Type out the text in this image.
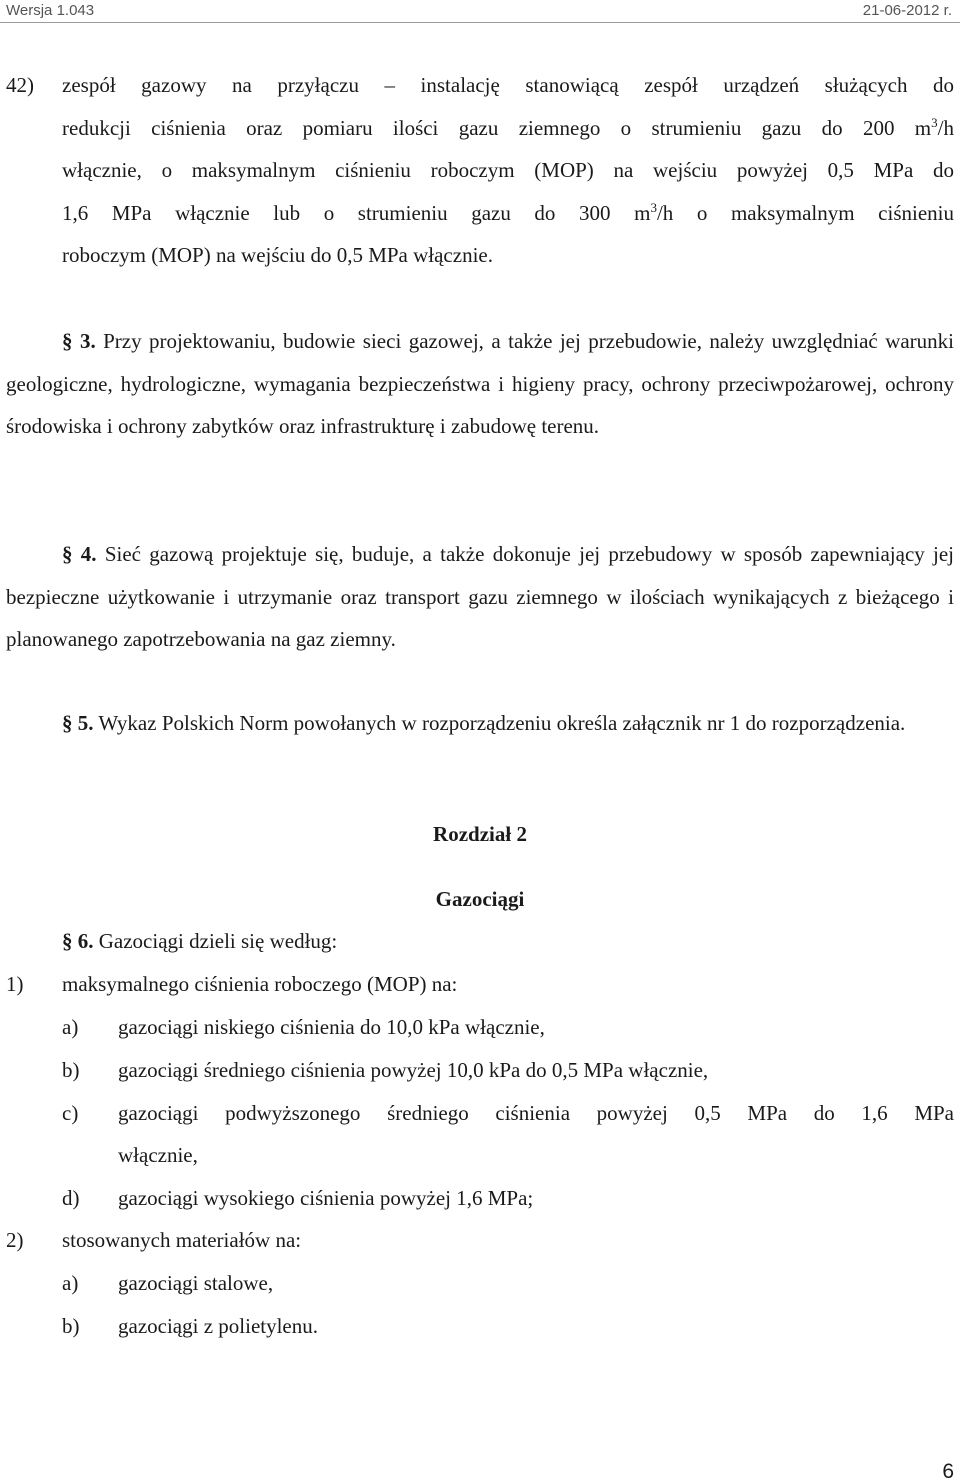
Wersja 1.043	21-06-2012 r.
42) zespół gazowy na przyłączu – instalację stanowiącą zespół urządzeń służących do
redukcji ciśnienia oraz pomiaru ilości gazu ziemnego o strumieniu gazu do 200 $m^3/h$
włącznie, o maksymalnym ciśnieniu roboczym (MOP) na wejściu powyżej 0,5 MPa do
1,6 MPa włącznie lub o strumieniu gazu do 300 $m^3/h$ o maksymalnym ciśnieniu
roboczym (MOP) na wejściu do 0,5 MPa włącznie.
§ 3. Przy projektowaniu, budowie sieci gazowej, a także jej przebudowie, należy uwzględniać warunki geologiczne, hydrologiczne, wymagania bezpieczeństwa i higieny pracy, ochrony przeciwpożarowej, ochrony środowiska i ochrony zabytków oraz infrastrukturę i zabudowę terenu.
§ 4. Sieć gazową projektuje się, buduje, a także dokonuje jej przebudowy w sposób zapewniający jej bezpieczne użytkowanie i utrzymanie oraz transport gazu ziemnego w ilościach wynikających z bieżącego i planowanego zapotrzebowania na gaz ziemny.
§ 5. Wykaz Polskich Norm powołanych w rozporządzeniu określa załącznik nr 1 do rozporządzenia.
Rozdział 2
Gazociągi
§ 6. Gazociągi dzieli się według:
1) maksymalnego ciśnienia roboczego (MOP) na:
a) gazociągi niskiego ciśnienia do 10,0 kPa włącznie,
b) gazociągi średniego ciśnienia powyżej 10,0 kPa do 0,5 MPa włącznie,
c) gazociągi podwyższonego średniego ciśnienia powyżej 0,5 MPa do 1,6 MPa
włącznie,
d) gazociągi wysokiego ciśnienia powyżej 1,6 MPa;
2) stosowanych materiałów na:
a) gazociągi stalowe,
b) gazociągi z polietylenu.
6
